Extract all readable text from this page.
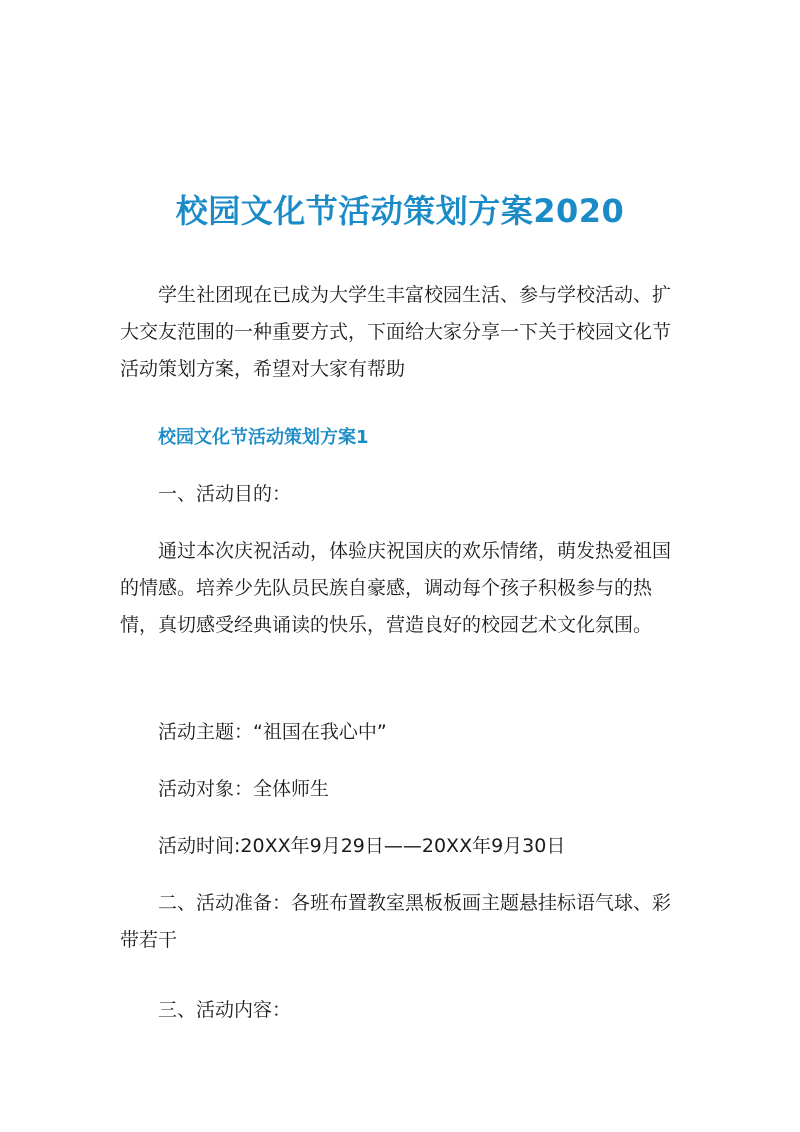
校园文化节活动策划方案2020

学生社团现在已成为大学生丰富校园生活、参与学校活动、扩大交友范围的一种重要方式，下面给大家分享一下关于校园文化节活动策划方案，希望对大家有帮助

校园文化节活动策划方案1

一、活动目的：

通过本次庆祝活动，体验庆祝国庆的欢乐情绪，萌发热爱祖国的情感。培养少先队员民族自豪感，调动每个孩子积极参与的热情，真切感受经典诵读的快乐，营造良好的校园艺术文化氛围。

活动主题：“祖国在我心中”

活动对象：全体师生

活动时间:20XX年9月29日——20XX年9月30日

二、活动准备：各班布置教室黑板板画主题悬挂标语气球、彩带若干

三、活动内容：
